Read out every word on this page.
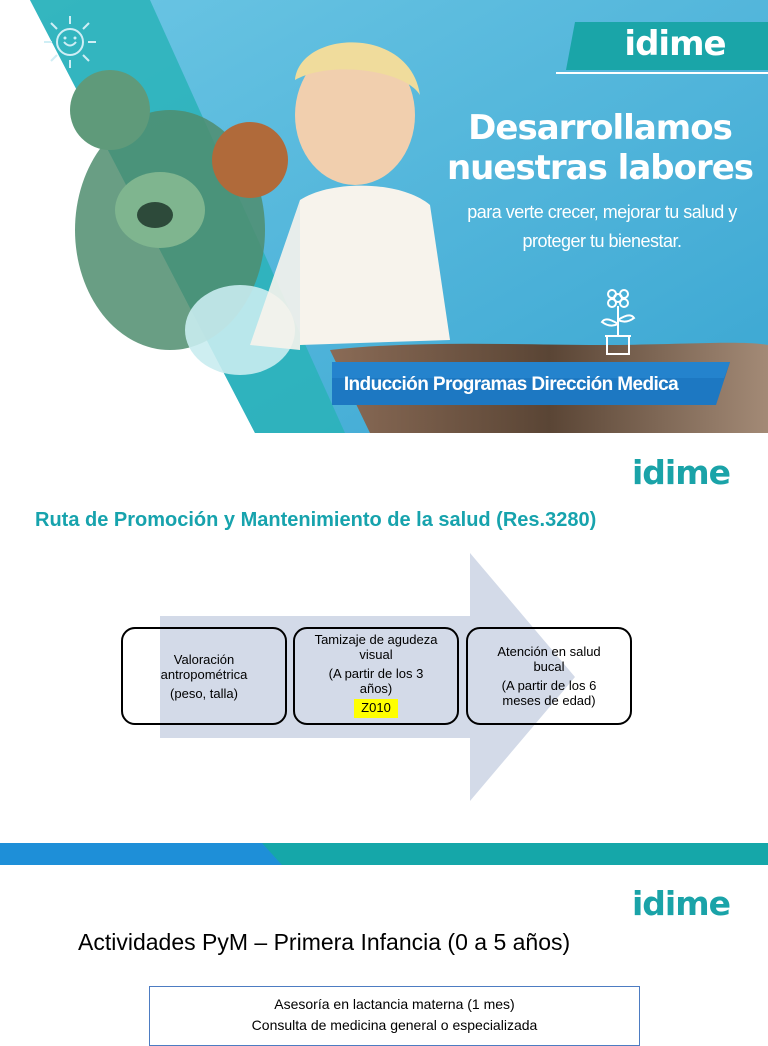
idime
Desarrollamos
nuestras labores
para verte crecer, mejorar tu salud y
proteger tu bienestar.
Inducción Programas Dirección Medica
idime
Ruta de Promoción y Mantenimiento de la salud (Res.3280)
Valoración
antropométrica
(peso, talla)
Tamizaje de agudeza
visual
(A partir de los 3
años)
Z010
Atención en salud
bucal
(A partir de los 6
meses de edad)
idime
Actividades PyM – Primera Infancia (0 a 5 años)
Asesoría en lactancia materna (1 mes)
Consulta de medicina general o especializada
